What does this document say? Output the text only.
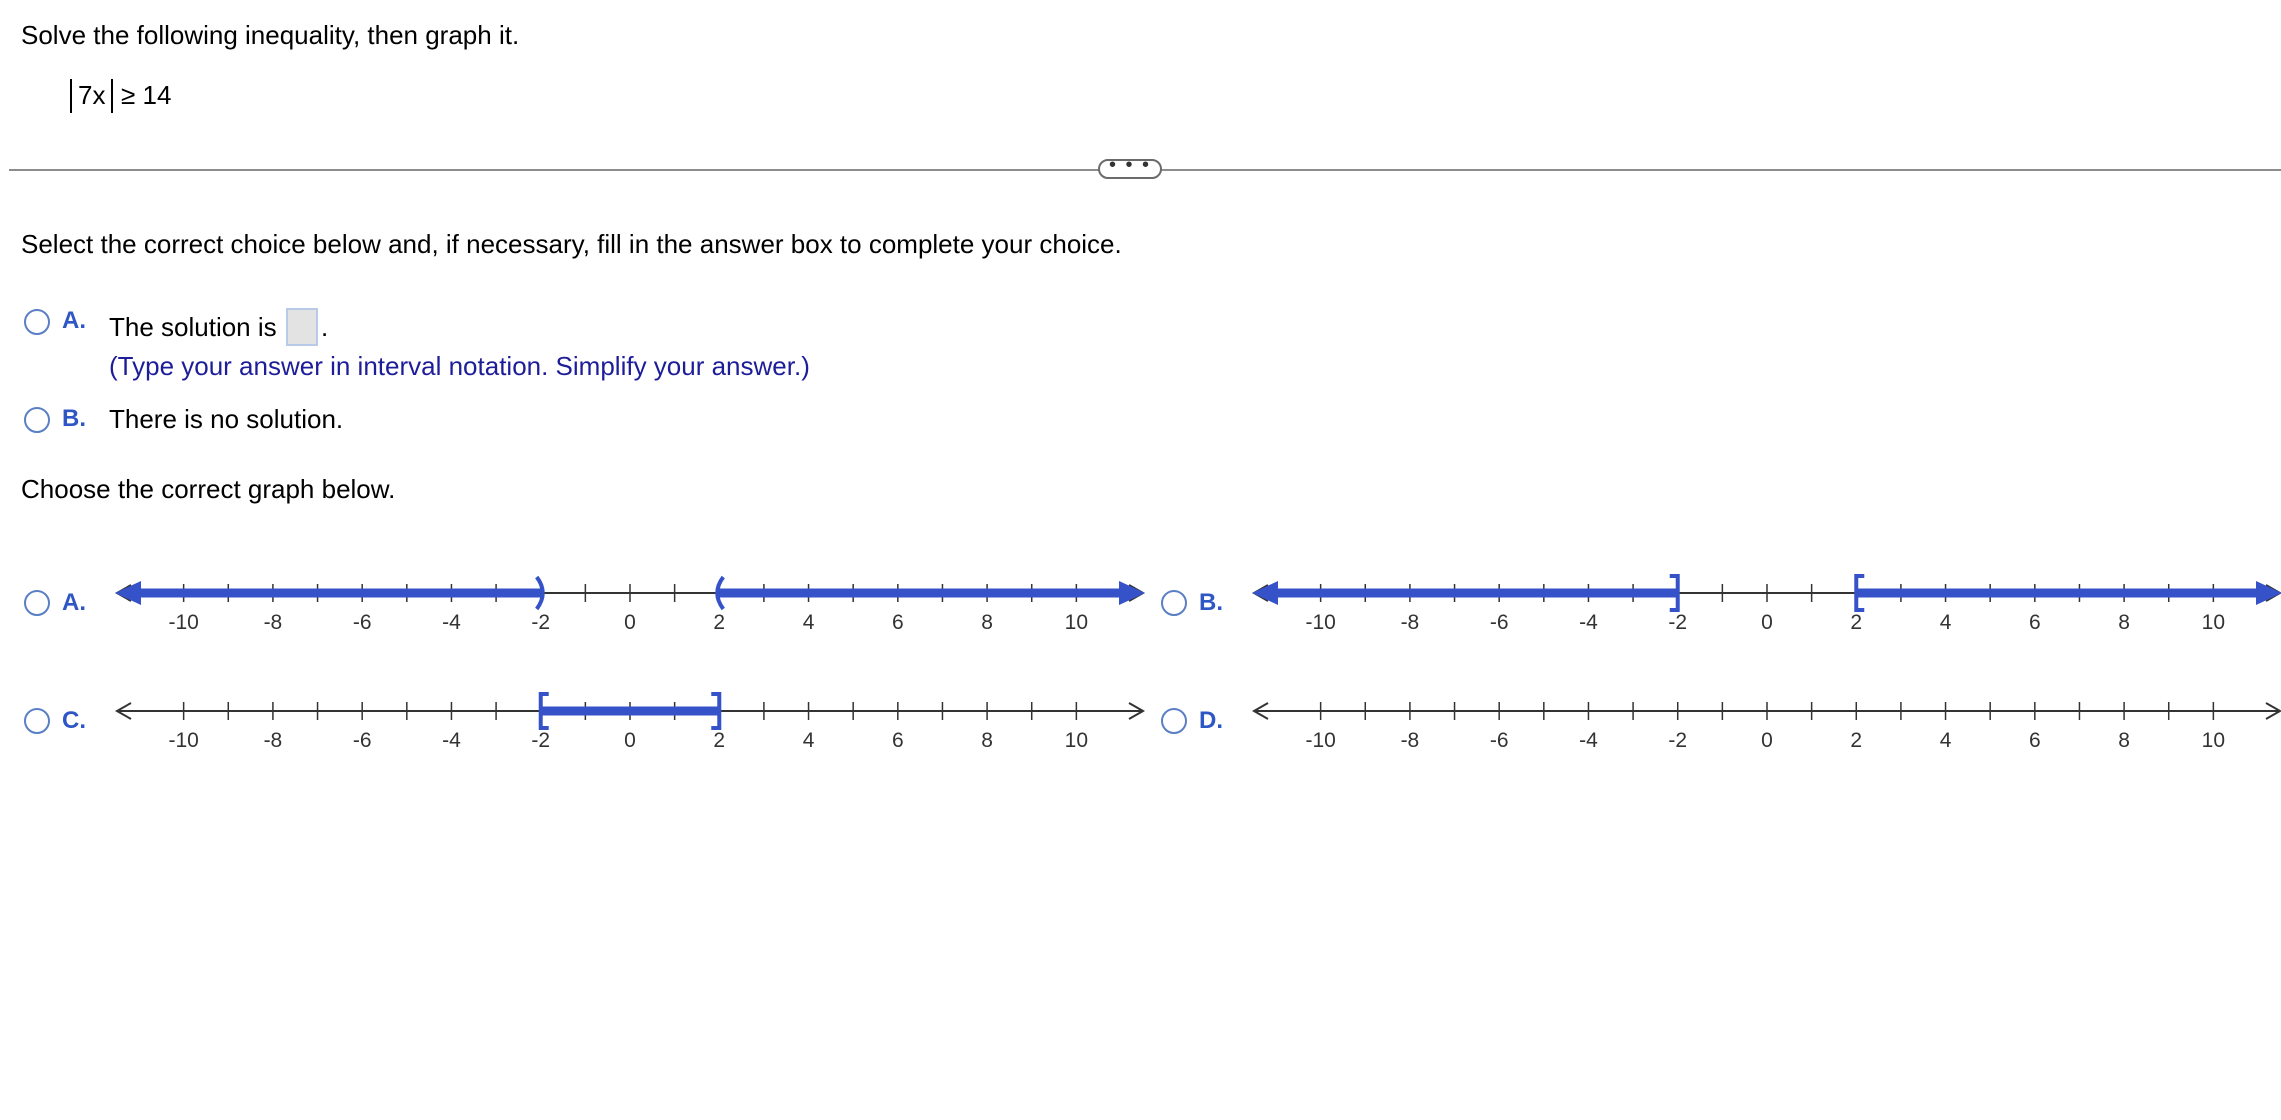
Solve the following inequality, then graph it.
7x ≥ 14
• • •
Select the correct choice below and, if necessary, fill in the answer box to complete your choice.
A. The solution is .
(Type your answer in interval notation. Simplify your answer.)
B. There is no solution.
Choose the correct graph below.
A.
-10	-8	-6	-4	-2	0	2	4	6	8	10
B.
-10	-8	-6	-4	-2	0	2	4	6	8	10
C.
-10	-8	-6	-4	-2	0	2	4	6	8	10
D.
-10	-8	-6	-4	-2	0	2	4	6	8	10
